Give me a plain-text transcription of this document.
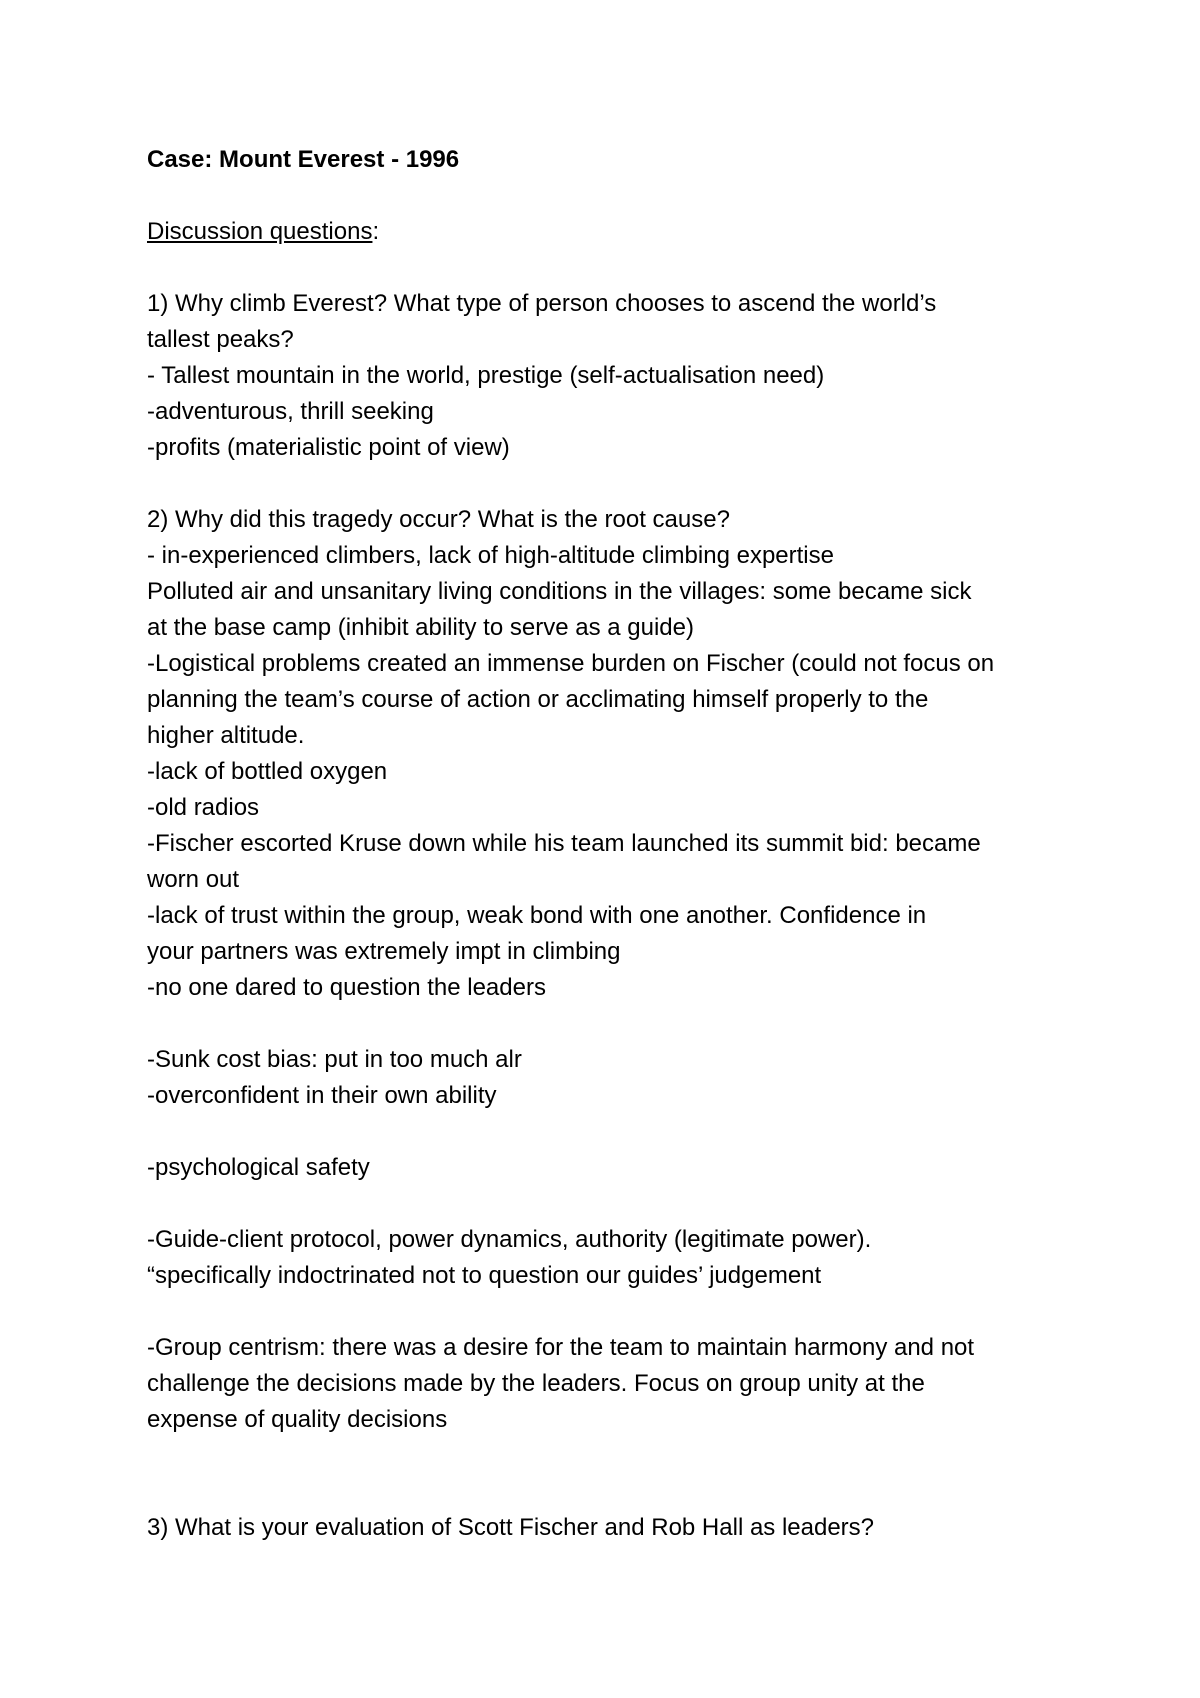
Case: Mount Everest - 1996
Discussion questions:
1) Why climb Everest? What type of person chooses to ascend the world’s
tallest peaks?
- Tallest mountain in the world, prestige (self-actualisation need)
-adventurous, thrill seeking
-profits (materialistic point of view)
2) Why did this tragedy occur? What is the root cause?
- in-experienced climbers, lack of high-altitude climbing expertise
Polluted air and unsanitary living conditions in the villages: some became sick
at the base camp (inhibit ability to serve as a guide)
-Logistical problems created an immense burden on Fischer (could not focus on
planning the team’s course of action or acclimating himself properly to the
higher altitude.
-lack of bottled oxygen
-old radios
-Fischer escorted Kruse down while his team launched its summit bid: became
worn out
-lack of trust within the group, weak bond with one another. Confidence in
your partners was extremely impt in climbing
-no one dared to question the leaders
-Sunk cost bias: put in too much alr
-overconfident in their own ability
-psychological safety
-Guide-client protocol, power dynamics, authority (legitimate power).
“specifically indoctrinated not to question our guides’ judgement
-Group centrism: there was a desire for the team to maintain harmony and not
challenge the decisions made by the leaders. Focus on group unity at the
expense of quality decisions
3) What is your evaluation of Scott Fischer and Rob Hall as leaders?
